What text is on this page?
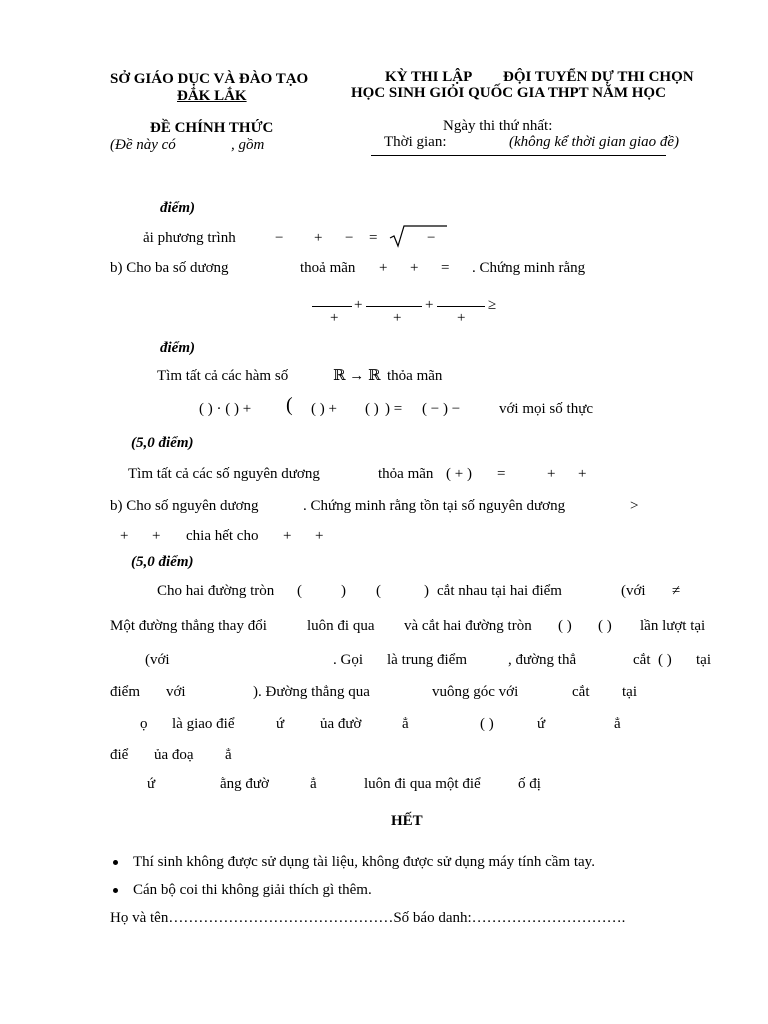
SỞ GIÁO DỤC VÀ ĐÀO TẠO
ĐẮK LẮK
KỲ THI LẬP ĐỘI TUYỂN DỰ THI CHỌN
HỌC SINH GIỎI QUỐC GIA THPT NĂM HỌC
ĐỀ CHÍNH THỨC
(Đề này có	, gồm
Ngày thi thứ nhất:
Thời gian:	(không kể thời gian giao đề)
điểm)
ải phương trình	− + − =	−
b) Cho ba số dương	thoả mãn + + = . Chứng minh rằng
+	+	≥
+	+	+
điểm)
Tìm tất cả các hàm số	ℝ → ℝ thỏa mãn
( ) · ( ) + ( ( ) + ( ) ) = ( − ) −	với mọi số thực
(5,0 điểm)
Tìm tất cả các số nguyên dương	thỏa mãn ( + ) =	+ +
b) Cho số nguyên dương	. Chứng minh rằng tồn tại số nguyên dương	>
+ + chia hết cho + +
(5,0 điểm)
Cho hai đường tròn (	) (	) cắt nhau tại hai điểm	(với ≠
Một đường thẳng thay đổi	luôn đi qua và cắt hai đường tròn ( ) ( ) lần lượt tại
(với	. Gọi là trung điểm	, đường thẳ	cắt ( ) tại
điểm với	). Đường thẳng qua	vuông góc với	cắt tại
ọ là giao điể	ứ ủa đườ	ẳ	( )	ứ	ẳ
điể ủa đoạ ẳ
ứ	ằng đườ	ẳ	luôn đi qua một điể ố đị
HẾT
Thí sinh không được sử dụng tài liệu, không được sử dụng máy tính cầm tay.
Cán bộ coi thi không giải thích gì thêm.
Họ và tên………………………………………Số báo danh:………………………….
